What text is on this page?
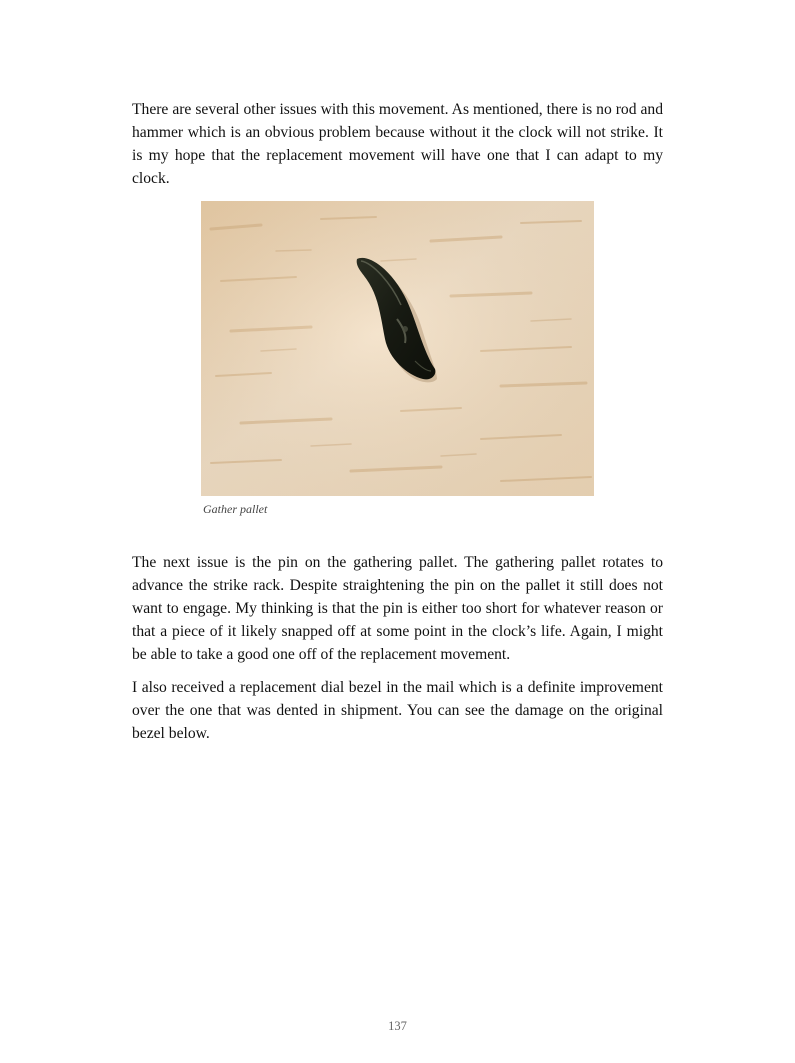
There are several other issues with this movement. As mentioned, there is no rod and hammer which is an obvious problem because without it the clock will not strike. It is my hope that the replacement movement will have one that I can adapt to my clock.

Gather pallet

The next issue is the pin on the gathering pallet. The gathering pallet rotates to advance the strike rack. Despite straightening the pin on the pallet it still does not want to engage. My thinking is that the pin is either too short for whatever reason or that a piece of it likely snapped off at some point in the clock’s life. Again, I might be able to take a good one off of the replacement movement.

I also received a replacement dial bezel in the mail which is a definite improvement over the one that was dented in shipment. You can see the damage on the original bezel below.

137
